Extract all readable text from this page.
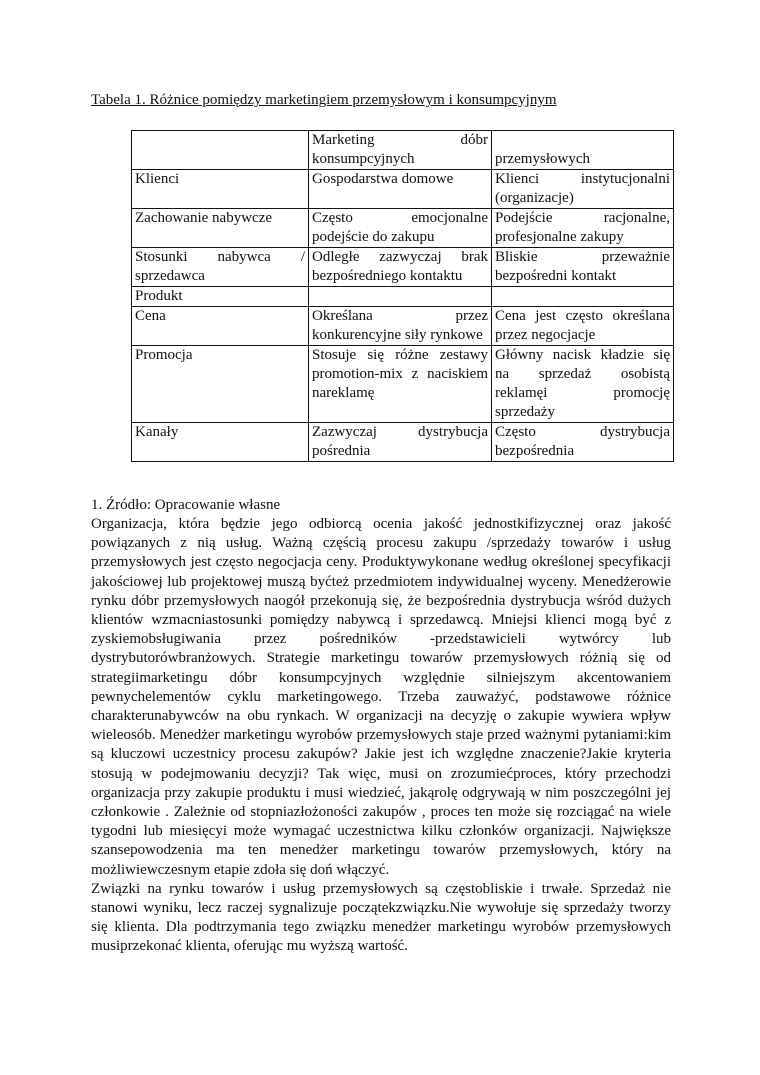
Tabela 1. Różnice pomiędzy marketingiem przemysłowym i konsumpcyjnym
	Marketing dóbr konsumpcyjnych	przemysłowych
Klienci	Gospodarstwa domowe	Klienci instytucjonalni (organizacje)
Zachowanie nabywcze	Często emocjonalne podejście do zakupu	Podejście racjonalne, profesjonalne zakupy
Stosunki nabywca / sprzedawca	Odległe zazwyczaj brak bezpośredniego kontaktu	Bliskie przeważnie bezpośredni kontakt
Produkt		
Cena	Określana przez konkurencyjne siły rynkowe	Cena jest często określana przez negocjacje
Promocja	Stosuje się różne zestawy promotion-mix z naciskiem nareklamę	Główny nacisk kładzie się na sprzedaż osobistą reklamęi promocję sprzedaży
Kanały	Zazwyczaj dystrybucja pośrednia	Często dystrybucja bezpośrednia
1. Źródło: Opracowanie własne

Organizacja, która będzie jego odbiorcą ocenia jakość jednostkifizycznej oraz jakość powiązanych z nią usług. Ważną częścią procesu zakupu /sprzedaży towarów i usług przemysłowych jest często negocjacja ceny. Produktywykonane według określonej specyfikacji jakościowej lub projektowej muszą byćteż przedmiotem indywidualnej wyceny. Menedżerowie rynku dóbr przemysłowych naogół przekonują się, że bezpośrednia dystrybucja wśród dużych klientów wzmacniastosunki pomiędzy nabywcą i sprzedawcą. Mniejsi klienci mogą być z zyskiemobsługiwania przez pośredników -przedstawicieli wytwórcy lub dystrybutorówbranżowych. Strategie marketingu towarów przemysłowych różnią się od strategiimarketingu dóbr konsumpcyjnych względnie silniejszym akcentowaniem pewnychelementów cyklu marketingowego. Trzeba zauważyć, podstawowe różnice charakterunabywców na obu rynkach. W organizacji na decyzję o zakupie wywiera wpływ wieleosób. Menedżer marketingu wyrobów przemysłowych staje przed ważnymi pytaniami:kim są kluczowi uczestnicy procesu zakupów? Jakie jest ich względne znaczenie?Jakie kryteria stosują w podejmowaniu decyzji? Tak więc, musi on zrozumiećproces, który przechodzi organizacja przy zakupie produktu i musi wiedzieć, jakąrolę odgrywają w nim poszczególni jej członkowie . Zależnie od stopniazłożoności zakupów , proces ten może się rozciągać na wiele tygodni lub miesięcyi może wymagać uczestnictwa kilku członków organizacji. Największe szansepowodzenia ma ten menedżer marketingu towarów przemysłowych, który na możliwiewczesnym etapie zdoła się doń włączyć.

Związki na rynku towarów i usług przemysłowych są częstobliskie i trwałe. Sprzedaż nie stanowi wyniku, lecz raczej sygnalizuje początekzwiązku.Nie wywołuje się sprzedaży tworzy się klienta. Dla podtrzymania tego związku menedżer marketingu wyrobów przemysłowych musiprzekonać klienta, oferując mu wyższą wartość.
